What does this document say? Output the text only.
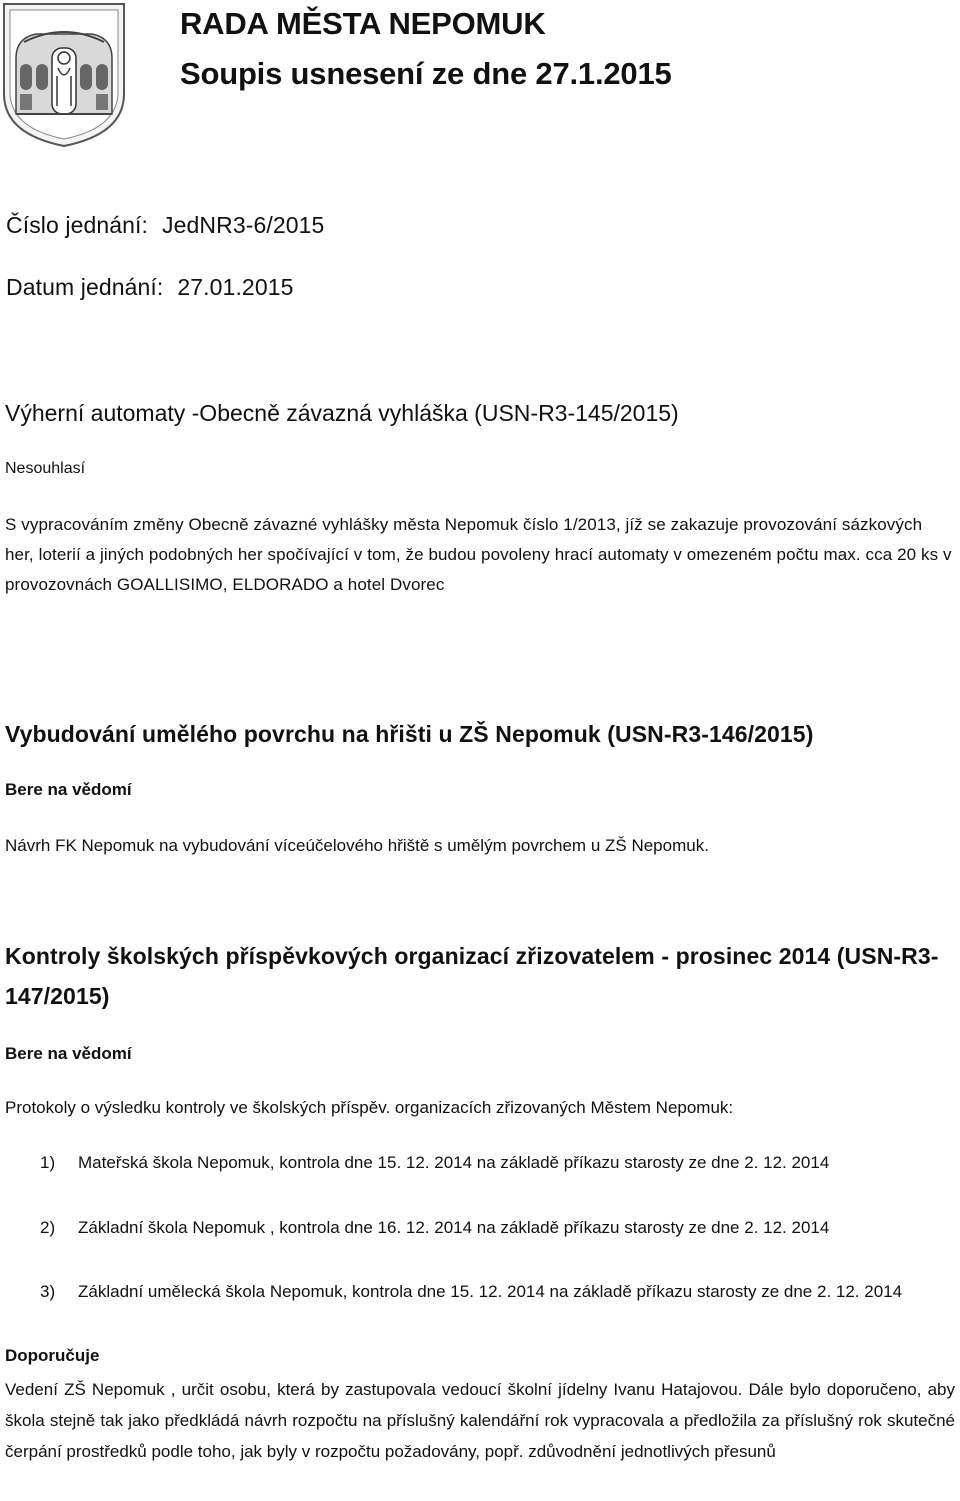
RADA MĚSTA NEPOMUK
Soupis usnesení ze dne 27.1.2015
Číslo jednání: JedNR3-6/2015
Datum jednání: 27.01.2015
Výherní automaty -Obecně závazná vyhláška (USN-R3-145/2015)
Nesouhlasí
S vypracováním změny Obecně závazné vyhlášky města Nepomuk číslo 1/2013, jíž se zakazuje provozování sázkových her, loterií a jiných podobných her spočívající v tom, že budou povoleny hrací automaty v omezeném počtu max. cca 20 ks v provozovnách GOALLISIMO, ELDORADO a hotel Dvorec
Vybudování umělého povrchu na hřišti u ZŠ Nepomuk (USN-R3-146/2015)
Bere na vědomí
Návrh FK Nepomuk na vybudování víceúčelového hřiště s umělým povrchem u ZŠ Nepomuk.
Kontroly školských příspěvkových organizací zřizovatelem - prosinec 2014 (USN-R3-147/2015)
Bere na vědomí
Protokoly o výsledku kontroly ve školských příspěv. organizacích zřizovaných Městem Nepomuk:
1) Mateřská škola Nepomuk, kontrola dne 15. 12. 2014 na základě příkazu starosty ze dne 2. 12. 2014
2) Základní škola Nepomuk , kontrola dne 16. 12. 2014 na základě příkazu starosty ze dne 2. 12. 2014
3) Základní umělecká škola Nepomuk, kontrola dne 15. 12. 2014 na základě příkazu starosty ze dne 2. 12. 2014
Doporučuje
Vedení ZŠ Nepomuk , určit osobu, která by zastupovala vedoucí školní jídelny Ivanu Hatajovou. Dále bylo doporučeno, aby škola stejně tak jako předkládá návrh rozpočtu na příslušný kalendářní rok vypracovala a předložila za příslušný rok skutečné čerpání prostředků podle toho, jak byly v rozpočtu požadovány, popř. zdůvodnění jednotlivých přesunů
